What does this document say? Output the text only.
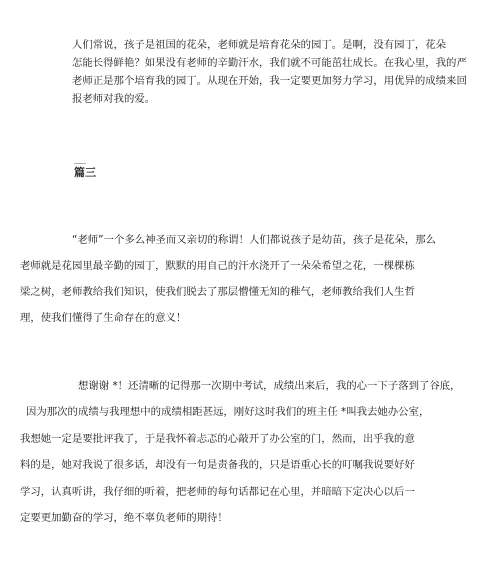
人们常说，孩子是祖国的花朵，老师就是培育花朵的园丁。是啊，没有园丁，花朵
怎能长得鲜艳？如果没有老师的辛勤汗水，我们就不可能茁壮成长。在我心里，我的严
老师正是那个培育我的园丁。从现在开始，我一定要更加努力学习，用优异的成绩来回
报老师对我的爱。
____
篇三
“老师”一个多么神圣而又亲切的称谓！人们都说孩子是幼苗，孩子是花朵，那么
老师就是花园里最辛勤的园丁，默默的用自己的汗水浇开了一朵朵希望之花，一棵棵栋
梁之树，老师教给我们知识，使我们脱去了那层懵懂无知的稚气，老师教给我们人生哲
理，使我们懂得了生命存在的意义！
想谢谢 *！还清晰的记得那一次期中考试，成绩出来后，我的心一下子落到了谷底，
因为那次的成绩与我理想中的成绩相距甚远，刚好这时我们的班主任 *叫我去她办公室，
我想她一定是要批评我了，于是我怀着忐忑的心敲开了办公室的门，然而，出乎我的意
料的是，她对我说了很多话，却没有一句是责备我的，只是语重心长的叮嘱我说要好好
学习，认真听讲，我仔细的听着，把老师的每句话都记在心里，并暗暗下定决心以后一
定要更加勤奋的学习，绝不辜负老师的期待！
